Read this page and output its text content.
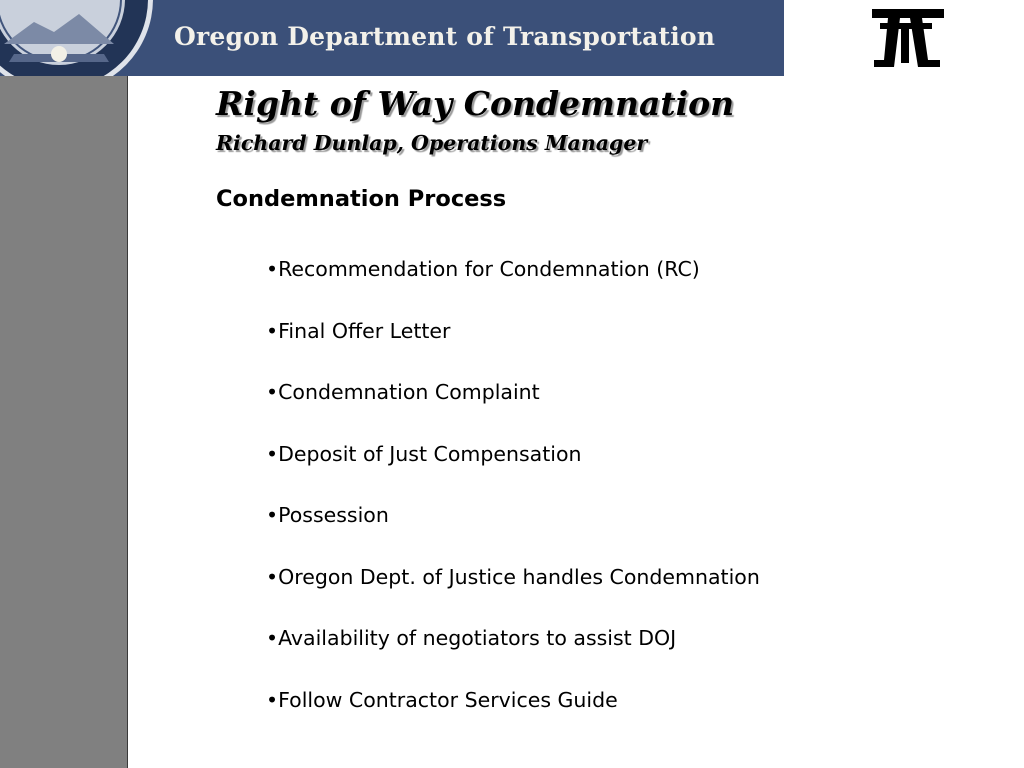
Oregon Department of Transportation
Right of Way Condemnation
Richard Dunlap, Operations Manager
Condemnation Process
•Recommendation for Condemnation (RC)
•Final Offer Letter
•Condemnation Complaint
•Deposit of Just Compensation
•Possession
•Oregon Dept. of Justice handles Condemnation
•Availability of negotiators to assist DOJ
•Follow Contractor Services Guide
